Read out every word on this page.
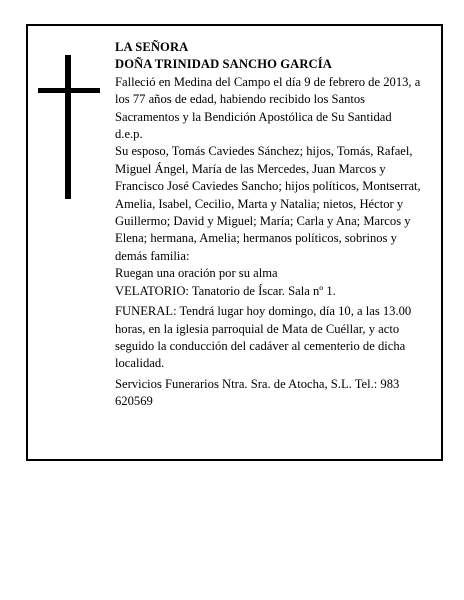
LA SEÑORA

DOÑA TRINIDAD SANCHO GARCÍA

Falleció en Medina del Campo el día 9 de febrero de 2013, a los 77 años de edad, habiendo recibido los Santos Sacramentos y la Bendición Apostólica de Su Santidad

d.e.p.

Su esposo, Tomás Caviedes Sánchez; hijos, Tomás, Rafael, Miguel Ángel, María de las Mercedes, Juan Marcos y Francisco José Caviedes Sancho; hijos políticos, Montserrat, Amelia, Isabel, Cecilio, Marta y Natalia; nietos, Héctor y Guillermo; David y Miguel; María; Carla y Ana; Marcos y Elena; hermana, Amelia; hermanos políticos, sobrinos y demás familia:

Ruegan una oración por su alma

VELATORIO: Tanatorio de Íscar. Sala nº 1.

FUNERAL: Tendrá lugar hoy domingo, día 10, a las 13.00 horas, en la iglesia parroquial de Mata de Cuéllar, y acto seguido la conducción del cadáver al cementerio de dicha localidad.

Servicios Funerarios Ntra. Sra. de Atocha, S.L. Tel.: 983 620569
